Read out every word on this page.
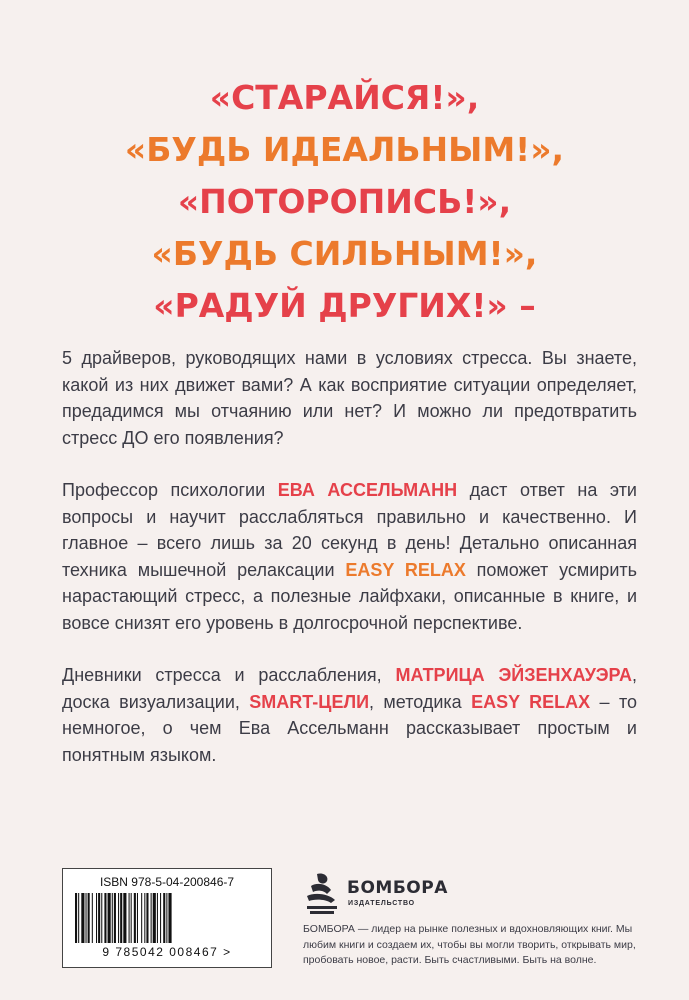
«СТАРАЙСЯ!»,
«БУДЬ ИДЕАЛЬНЫМ!»,
«ПОТОРОПИСЬ!»,
«БУДЬ СИЛЬНЫМ!»,
«РАДУЙ ДРУГИХ!» –

5 драйверов, руководящих нами в условиях стресса. Вы знаете, какой из них движет вами? А как восприятие ситуации определяет, предадимся мы отчаянию или нет? И можно ли предотвратить стресс ДО его появления?

Профессор психологии ЕВА АССЕЛЬМАНН даст ответ на эти вопросы и научит расслабляться правильно и качественно. И главное – всего лишь за 20 секунд в день! Детально описанная техника мышечной релаксации EASY RELAX поможет усмирить нарастающий стресс, а полезные лайфхаки, описанные в книге, и вовсе снизят его уровень в долгосрочной перспективе.

Дневники стресса и расслабления, МАТРИЦА ЭЙЗЕНХАУЭРА, доска визуализации, SMART-ЦЕЛИ, методика EASY RELAX – то немногое, о чем Ева Ассельманн рассказывает простым и понятным языком.

ISBN 978-5-04-200846-7
9 785042 008467 >
БОМБОРА
ИЗДАТЕЛЬСТВО
БОМБОРА — лидер на рынке полезных и вдохновляющих книг. Мы любим книги и создаем их, чтобы вы могли творить, открывать мир, пробовать новое, расти. Быть счастливыми. Быть на волне.
